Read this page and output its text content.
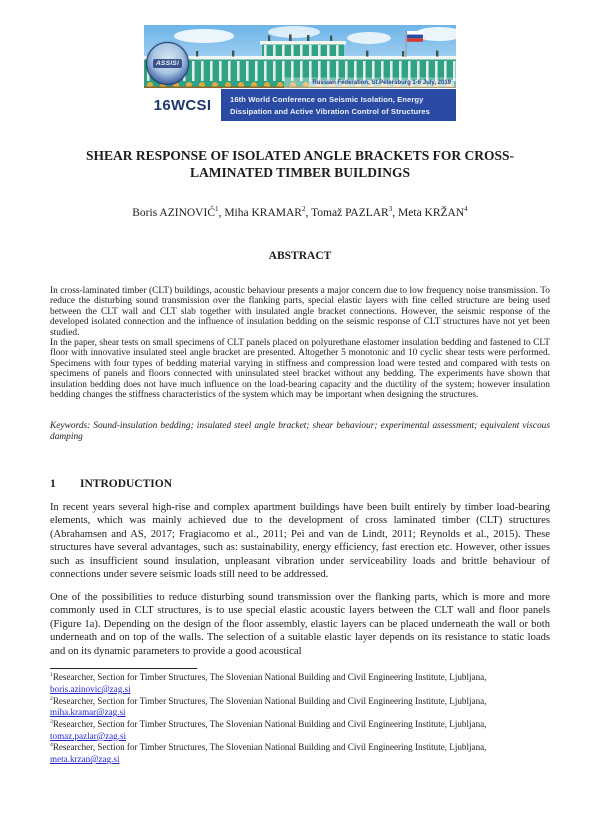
ASSISi
Russian Federation, St.Petersburg 1-6 July, 2019
16WCSI 16th World Conference on Seismic Isolation, Energy
Dissipation and Active Vibration Control of Structures
SHEAR RESPONSE OF ISOLATED ANGLE BRACKETS FOR CROSS-
LAMINATED TIMBER BUILDINGS
Boris AZINOVIĆ$^1$, Miha KRAMAR$^2$, Tomaž PAZLAR$^3$, Meta KRŽAN$^4$
ABSTRACT
In cross-laminated timber (CLT) buildings, acoustic behaviour presents a major concern due to low frequency noise transmission. To reduce the disturbing sound transmission over the flanking parts, special elastic layers with fine celled structure are being used between the CLT wall and CLT slab together with insulated angle bracket connections. However, the seismic response of the developed isolated connection and the influence of insulation bedding on the seismic response of CLT structures have not yet been studied.
In the paper, shear tests on small specimens of CLT panels placed on polyurethane elastomer insulation bedding and fastened to CLT floor with innovative insulated steel angle bracket are presented. Altogether 5 monotonic and 10 cyclic shear tests were performed. Specimens with four types of bedding material varying in stiffness and compression load were tested and compared with tests on specimens of panels and floors connected with uninsulated steel bracket without any bedding. The experiments have shown that insulation bedding does not have much influence on the load-bearing capacity and the ductility of the system; however insulation bedding changes the stiffness characteristics of the system which may be important when designing the structures.
Keywords: Sound-insulation bedding; insulated steel angle bracket; shear behaviour; experimental assessment; equivalent viscous damping
1 INTRODUCTION
In recent years several high-rise and complex apartment buildings have been built entirely by timber load-bearing elements, which was mainly achieved due to the development of cross laminated timber (CLT) structures (Abrahamsen and AS, 2017; Fragiacomo et al., 2011; Pei and van de Lindt, 2011; Reynolds et al., 2015). These structures have several advantages, such as: sustainability, energy efficiency, fast erection etc. However, other issues such as insufficient sound insulation, unpleasant vibration under serviceability loads and brittle behaviour of connections under severe seismic loads still need to be addressed.
One of the possibilities to reduce disturbing sound transmission over the flanking parts, which is more and more commonly used in CLT structures, is to use special elastic acoustic layers between the CLT wall and floor panels (Figure 1a). Depending on the design of the floor assembly, elastic layers can be placed underneath the wall or both underneath and on top of the walls. The selection of a suitable elastic layer depends on its resistance to static loads and on its dynamic parameters to provide a good acoustical
$^1$Researcher, Section for Timber Structures, The Slovenian National Building and Civil Engineering Institute, Ljubljana,
boris.azinovic@zag.si
$^2$Researcher, Section for Timber Structures, The Slovenian National Building and Civil Engineering Institute, Ljubljana,
miha.kramar@zag.si
$^3$Researcher, Section for Timber Structures, The Slovenian National Building and Civil Engineering Institute, Ljubljana,
tomaz.pazlar@zag.si
$^4$Researcher, Section for Timber Structures, The Slovenian National Building and Civil Engineering Institute, Ljubljana,
meta.krzan@zag.si
